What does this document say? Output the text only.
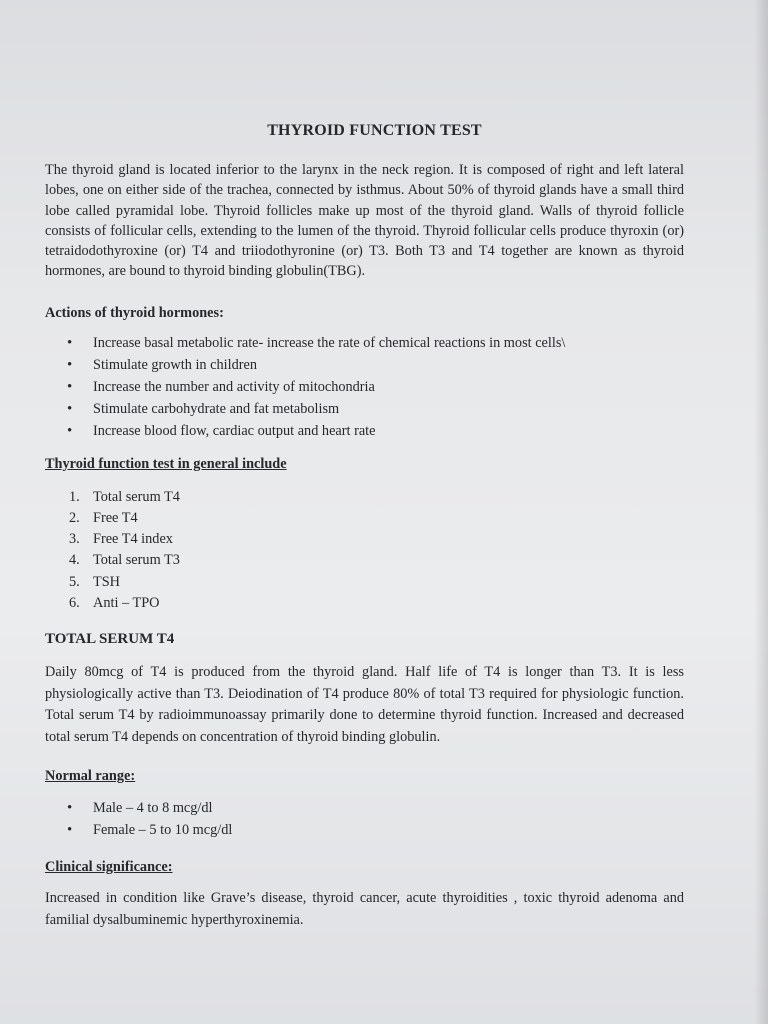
THYROID FUNCTION TEST

The thyroid gland is located inferior to the larynx in the neck region. It is composed of right and left lateral lobes, one on either side of the trachea, connected by isthmus. About 50% of thyroid glands have a small third lobe called pyramidal lobe. Thyroid follicles make up most of the thyroid gland. Walls of thyroid follicle consists of follicular cells, extending to the lumen of the thyroid. Thyroid follicular cells produce thyroxin (or) tetraidodothyroxine (or) T4 and triiodothyronine (or) T3. Both T3 and T4 together are known as thyroid hormones, are bound to thyroid binding globulin(TBG).

Actions of thyroid hormones:
• Increase basal metabolic rate- increase the rate of chemical reactions in most cells\
• Stimulate growth in children
• Increase the number and activity of mitochondria
• Stimulate carbohydrate and fat metabolism
• Increase blood flow, cardiac output and heart rate
Thyroid function test in general include
1. Total serum T4
2. Free T4
3. Free T4 index
4. Total serum T3
5. TSH
6. Anti – TPO
TOTAL SERUM T4

Daily 80mcg of T4 is produced from the thyroid gland. Half life of T4 is longer than T3. It is less physiologically active than T3. Deiodination of T4 produce 80% of total T3 required for physiologic function. Total serum T4 by radioimmunoassay primarily done to determine thyroid function. Increased and decreased total serum T4 depends on concentration of thyroid binding globulin.

Normal range:
• Male – 4 to 8 mcg/dl
• Female – 5 to 10 mcg/dl
Clinical significance:

Increased in condition like Grave’s disease, thyroid cancer, acute thyroidities , toxic thyroid adenoma and familial dysalbuminemic hyperthyroxinemia.
